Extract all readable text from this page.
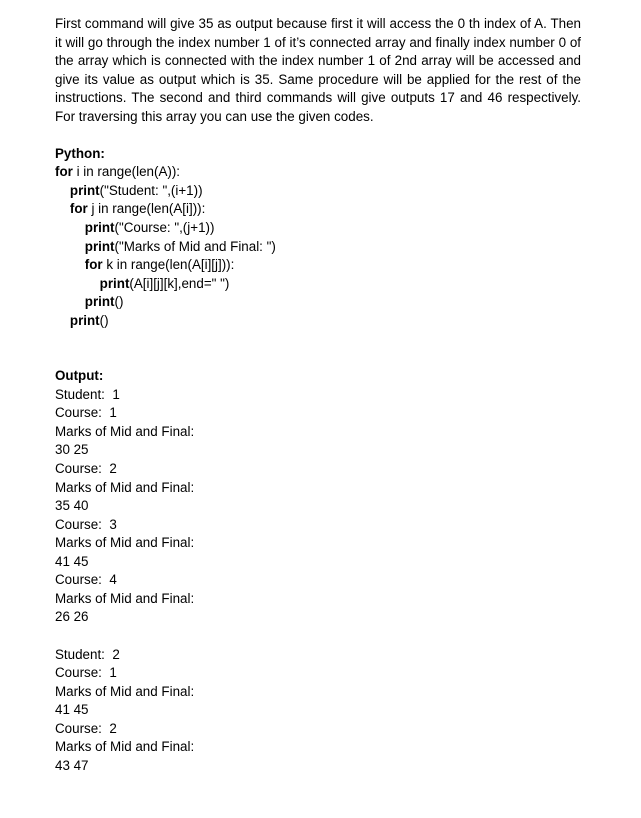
First command will give 35 as output because first it will access the 0 th index of A. Then it will go through the index number 1 of it’s connected array and finally index number 0 of the array which is connected with the index number 1 of 2nd array will be accessed and give its value as output which is 35. Same procedure will be applied for the rest of the instructions. The second and third commands will give outputs 17 and 46 respectively. For traversing this array you can use the given codes.

Python:
for i in range(len(A)):
print("Student: ",(i+1))
for j in range(len(A[i])):
print("Course: ",(j+1))
print("Marks of Mid and Final: ")
for k in range(len(A[i][j])):
print(A[i][j][k],end=" ")
print()
print()
Output:
Student:  1
Course:  1
Marks of Mid and Final:
30 25
Course:  2
Marks of Mid and Final:
35 40
Course:  3
Marks of Mid and Final:
41 45
Course:  4
Marks of Mid and Final:
26 26
Student:  2
Course:  1
Marks of Mid and Final:
41 45
Course:  2
Marks of Mid and Final:
43 47
